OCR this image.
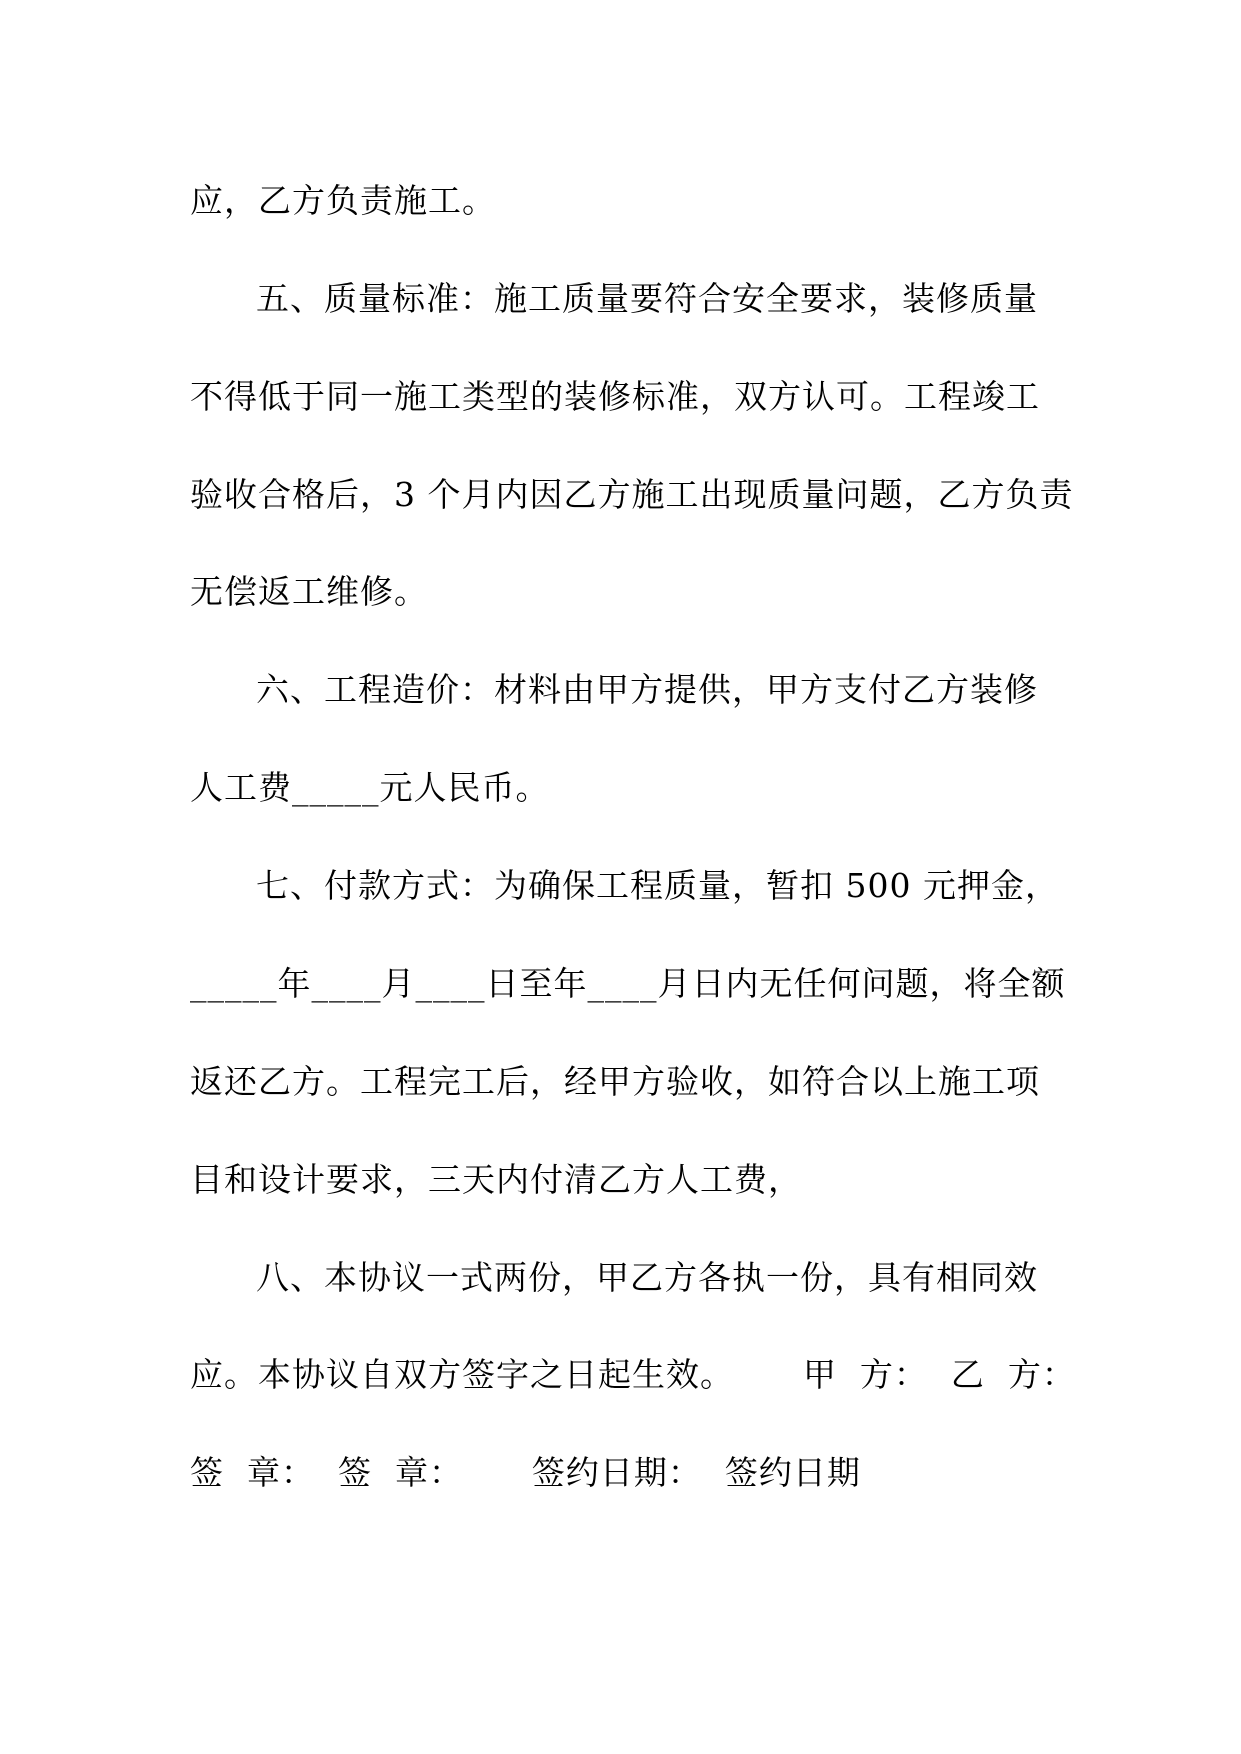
应，乙方负责施工。

五、质量标准：施工质量要符合安全要求，装修质量

不得低于同一施工类型的装修标准，双方认可。工程竣工

验收合格后，3 个月内因乙方施工出现质量问题，乙方负责

无偿返工维修。

六、工程造价：材料由甲方提供，甲方支付乙方装修

人工费_____元人民币。

七、付款方式：为确保工程质量，暂扣 500 元押金，

_____年____月____日至年____月日内无任何问题，将全额

返还乙方。工程完工后，经甲方验收，如符合以上施工项

目和设计要求，三天内付清乙方人工费，

八、本协议一式两份，甲乙方各执一份，具有相同效

应。本协议自双方签字之日起生效。      甲  方：  乙  方：

签  章：  签  章：      签约日期：  签约日期
